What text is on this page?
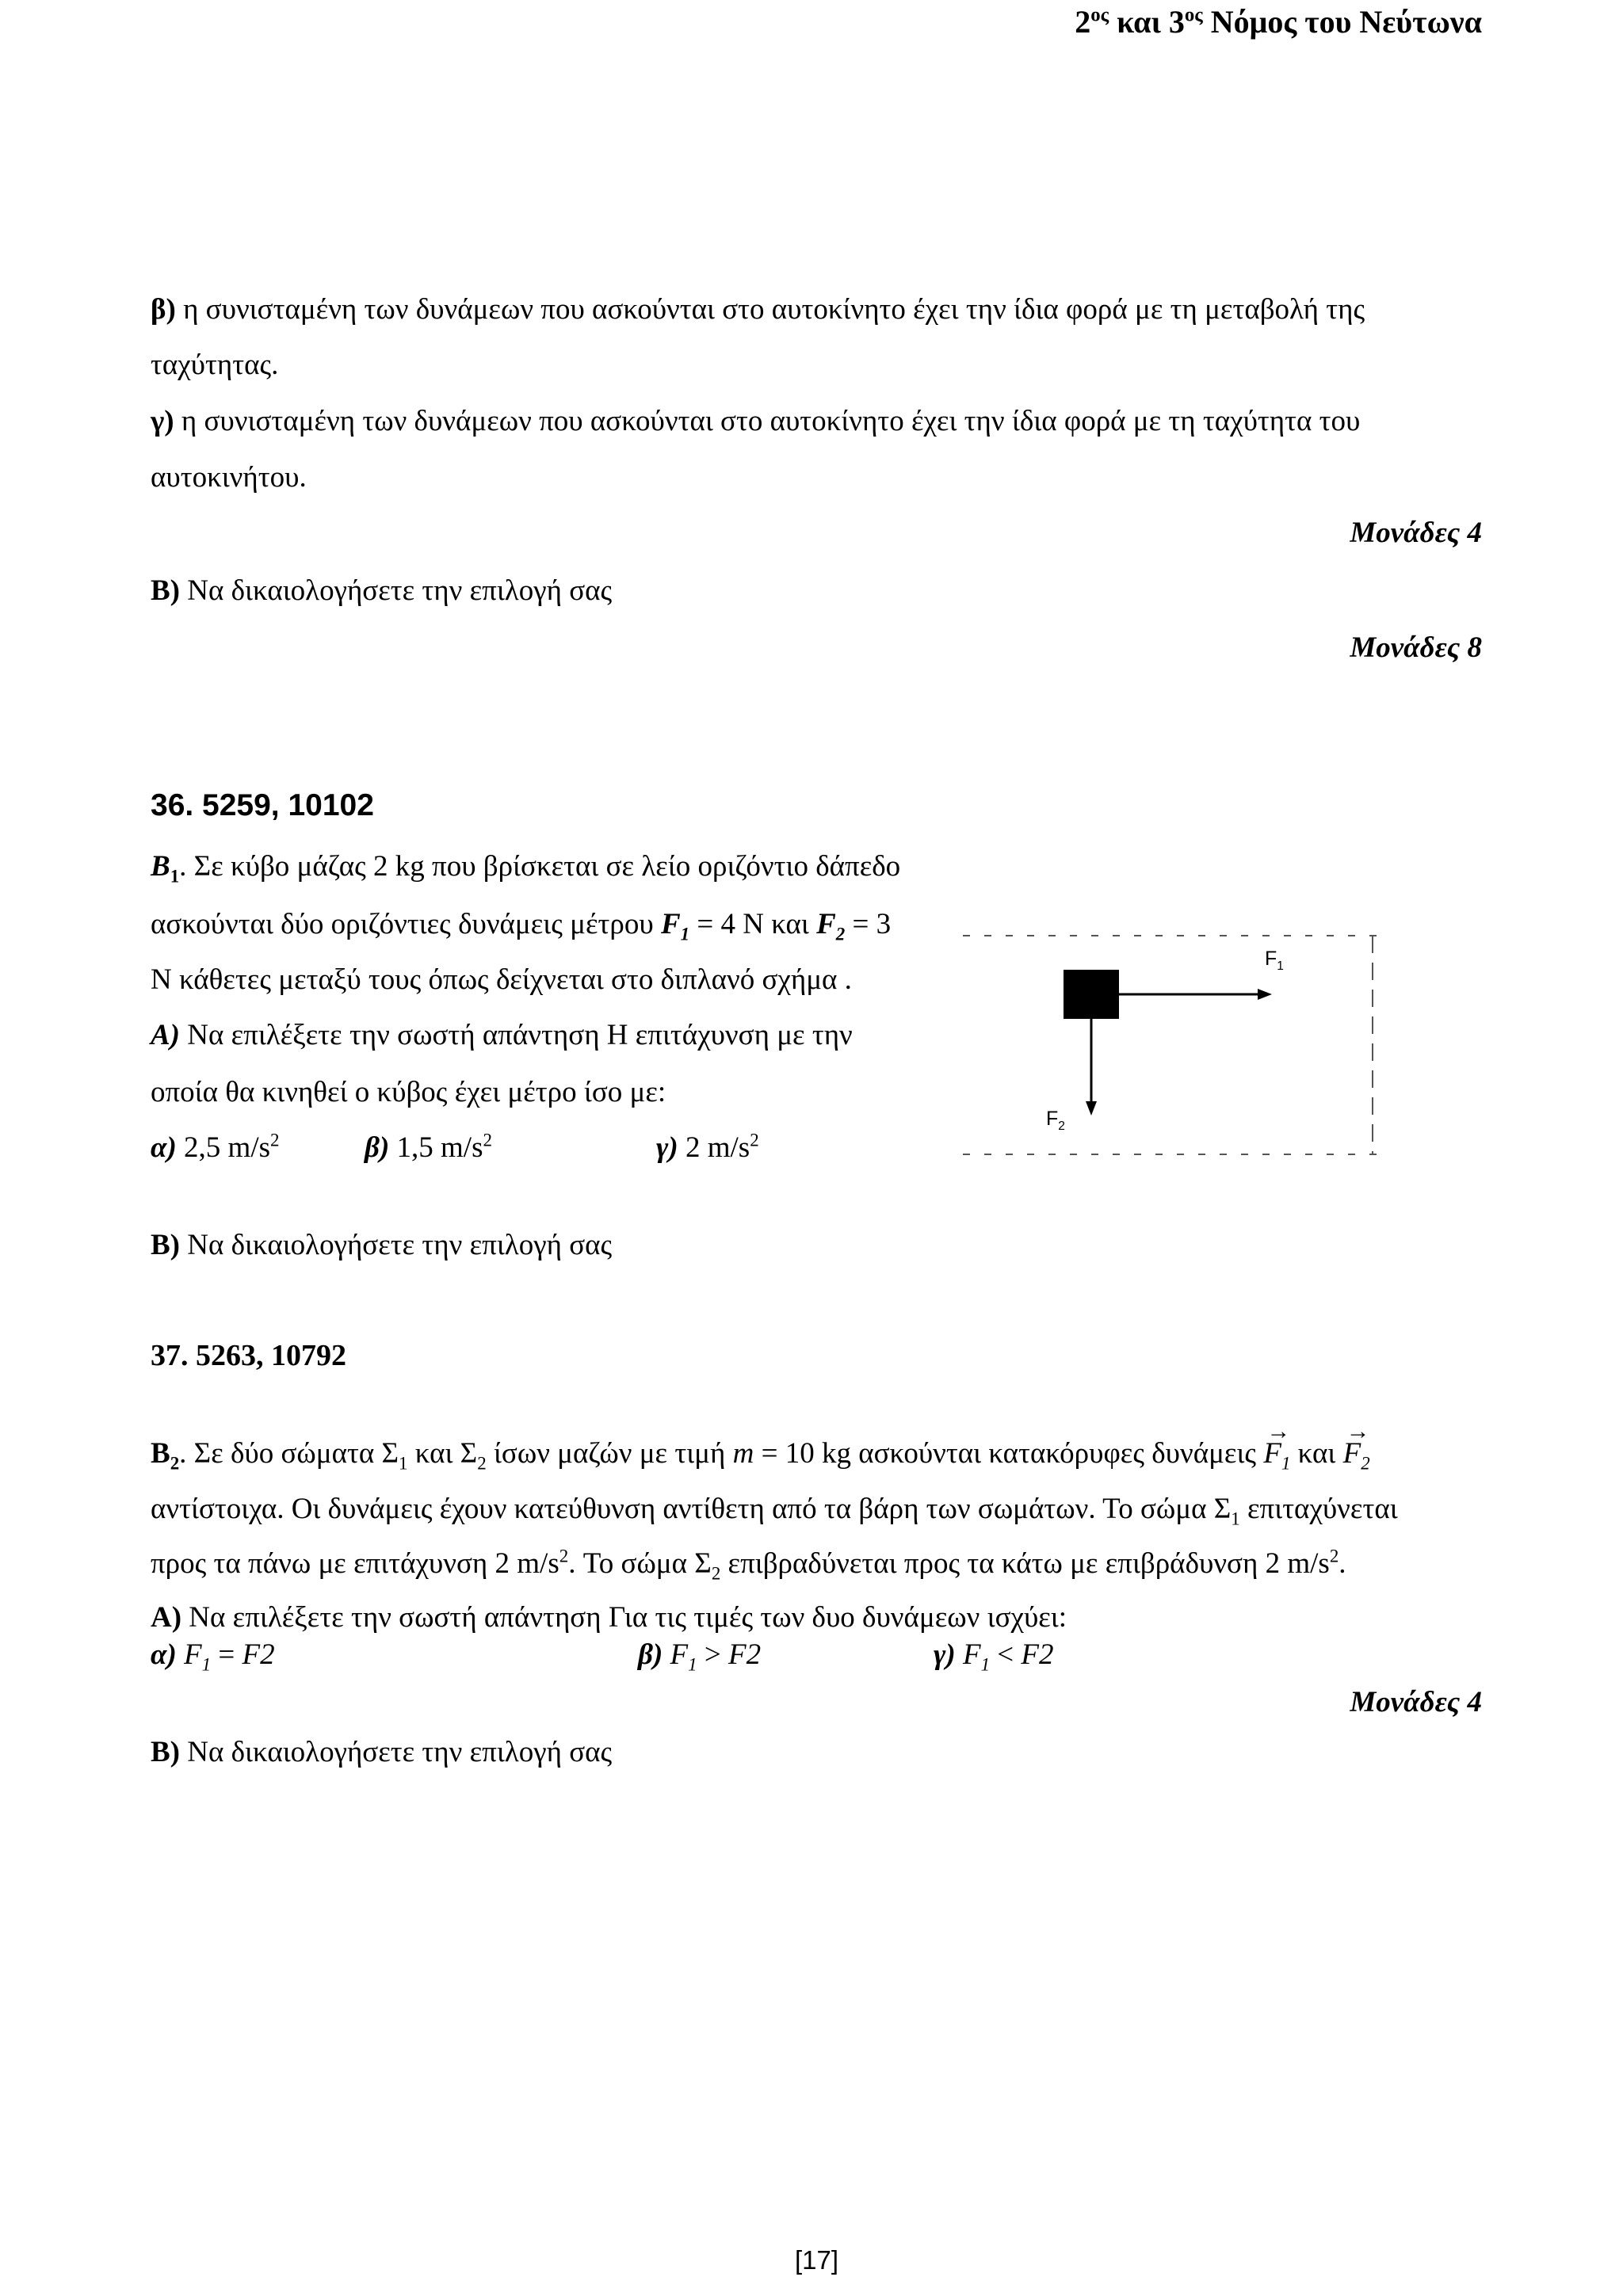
$2^{o\varsigma}$ και $3^{o\varsigma}$ Νόμος του Νεύτωνα
β) η συνισταμένη των δυνάμεων που ασκούνται στο αυτοκίνητο έχει την ίδια φορά με τη μεταβολή της
ταχύτητας.
γ) η συνισταμένη των δυνάμεων που ασκούνται στο αυτοκίνητο έχει την ίδια φορά με τη ταχύτητα του
αυτοκινήτου.
Μονάδες 4
Β) Να δικαιολογήσετε την επιλογή σας
Μονάδες 8
36. 5259, 10102
$B_1$. Σε κύβο μάζας 2 kg που βρίσκεται σε λείο οριζόντιο δάπεδο
ασκούνται δύο οριζόντιες δυνάμεις μέτρου $F_1 = 4$ Ν και $F_2 = 3$
Ν κάθετες μεταξύ τους όπως δείχνεται στο διπλανό σχήμα .
Α) Να επιλέξετε την σωστή απάντηση Η επιτάχυνση με την
οποία θα κινηθεί ο κύβος έχει μέτρο ίσο με:
α) 2,5 $m/s^2$	β) 1,5 $m/s^2$	γ) 2 $m/s^2$
$F_1$
$F_2$
Β) Να δικαιολογήσετε την επιλογή σας
37. 5263, 10792
$B_2$. Σε δύο σώματα $\Sigma_1$ και $\Sigma_2$ ίσων μαζών με τιμή m = 10 kg ασκούνται κατακόρυφες $\delta\upsilon\nu ά\mu\varepsilon\iota\varsigma \to F_1$ $\kappa\alpha\iota \to F_2$
αντίστοιχα. Οι δυνάμεις έχουν κατεύθυνση αντίθετη από τα βάρη των σωμάτων. Το σώμα $\Sigma_1$ επιταχύνεται
προς τα πάνω με επιτάχυνση 2 $m/s^2$. Το σώμα $\Sigma_2$ επιβραδύνεται προς τα κάτω με επιβράδυνση 2 $m/s^2$.
Α) Να επιλέξετε την σωστή απάντηση Για τις τιμές των δυο δυνάμεων ισχύει:
α) $F_1 = F2$	β) $F_1 > F2$	γ) $F_1 < F2$
Μονάδες 4
Β) Να δικαιολογήσετε την επιλογή σας
[17]
